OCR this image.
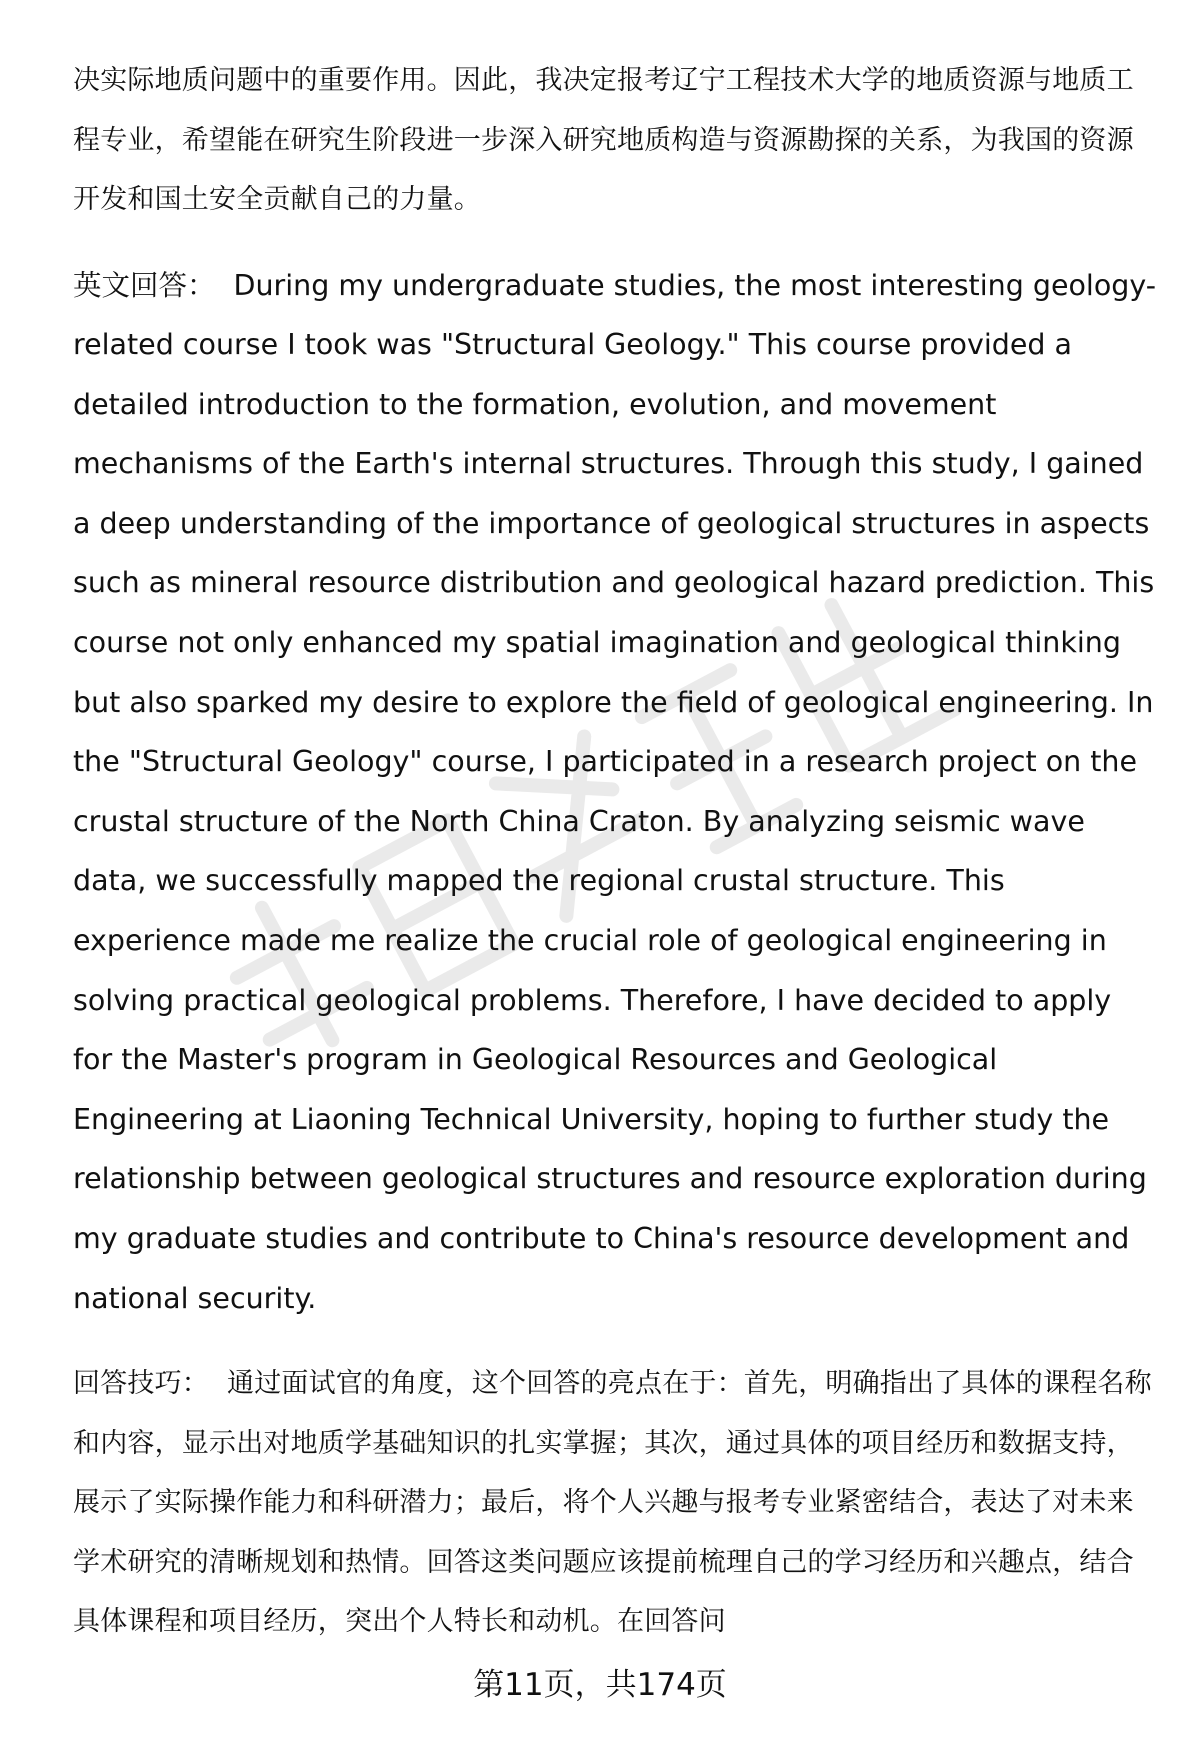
决实际地质问题中的重要作用。因此，我决定报考辽宁工程技术大学的地质资源与地质工程专业，希望能在研究生阶段进一步深入研究地质构造与资源勘探的关系，为我国的资源开发和国土安全贡献自己的力量。

英文回答： During my undergraduate studies, the most interesting geology-related course I took was "Structural Geology." This course provided a detailed introduction to the formation, evolution, and movement mechanisms of the Earth's internal structures. Through this study, I gained a deep understanding of the importance of geological structures in aspects such as mineral resource distribution and geological hazard prediction. This course not only enhanced my spatial imagination and geological thinking but also sparked my desire to explore the field of geological engineering. In the "Structural Geology" course, I participated in a research project on the crustal structure of the North China Craton. By analyzing seismic wave data, we successfully mapped the regional crustal structure. This experience made me realize the crucial role of geological engineering in solving practical geological problems. Therefore, I have decided to apply for the Master's program in Geological Resources and Geological Engineering at Liaoning Technical University, hoping to further study the relationship between geological structures and resource exploration during my graduate studies and contribute to China's resource development and national security.

回答技巧： 通过面试官的角度，这个回答的亮点在于：首先，明确指出了具体的课程名称和内容，显示出对地质学基础知识的扎实掌握；其次，通过具体的项目经历和数据支持，展示了实际操作能力和科研潜力；最后，将个人兴趣与报考专业紧密结合，表达了对未来学术研究的清晰规划和热情。回答这类问题应该提前梳理自己的学习经历和兴趣点，结合具体课程和项目经历，突出个人特长和动机。在回答问

第11页，共174页
